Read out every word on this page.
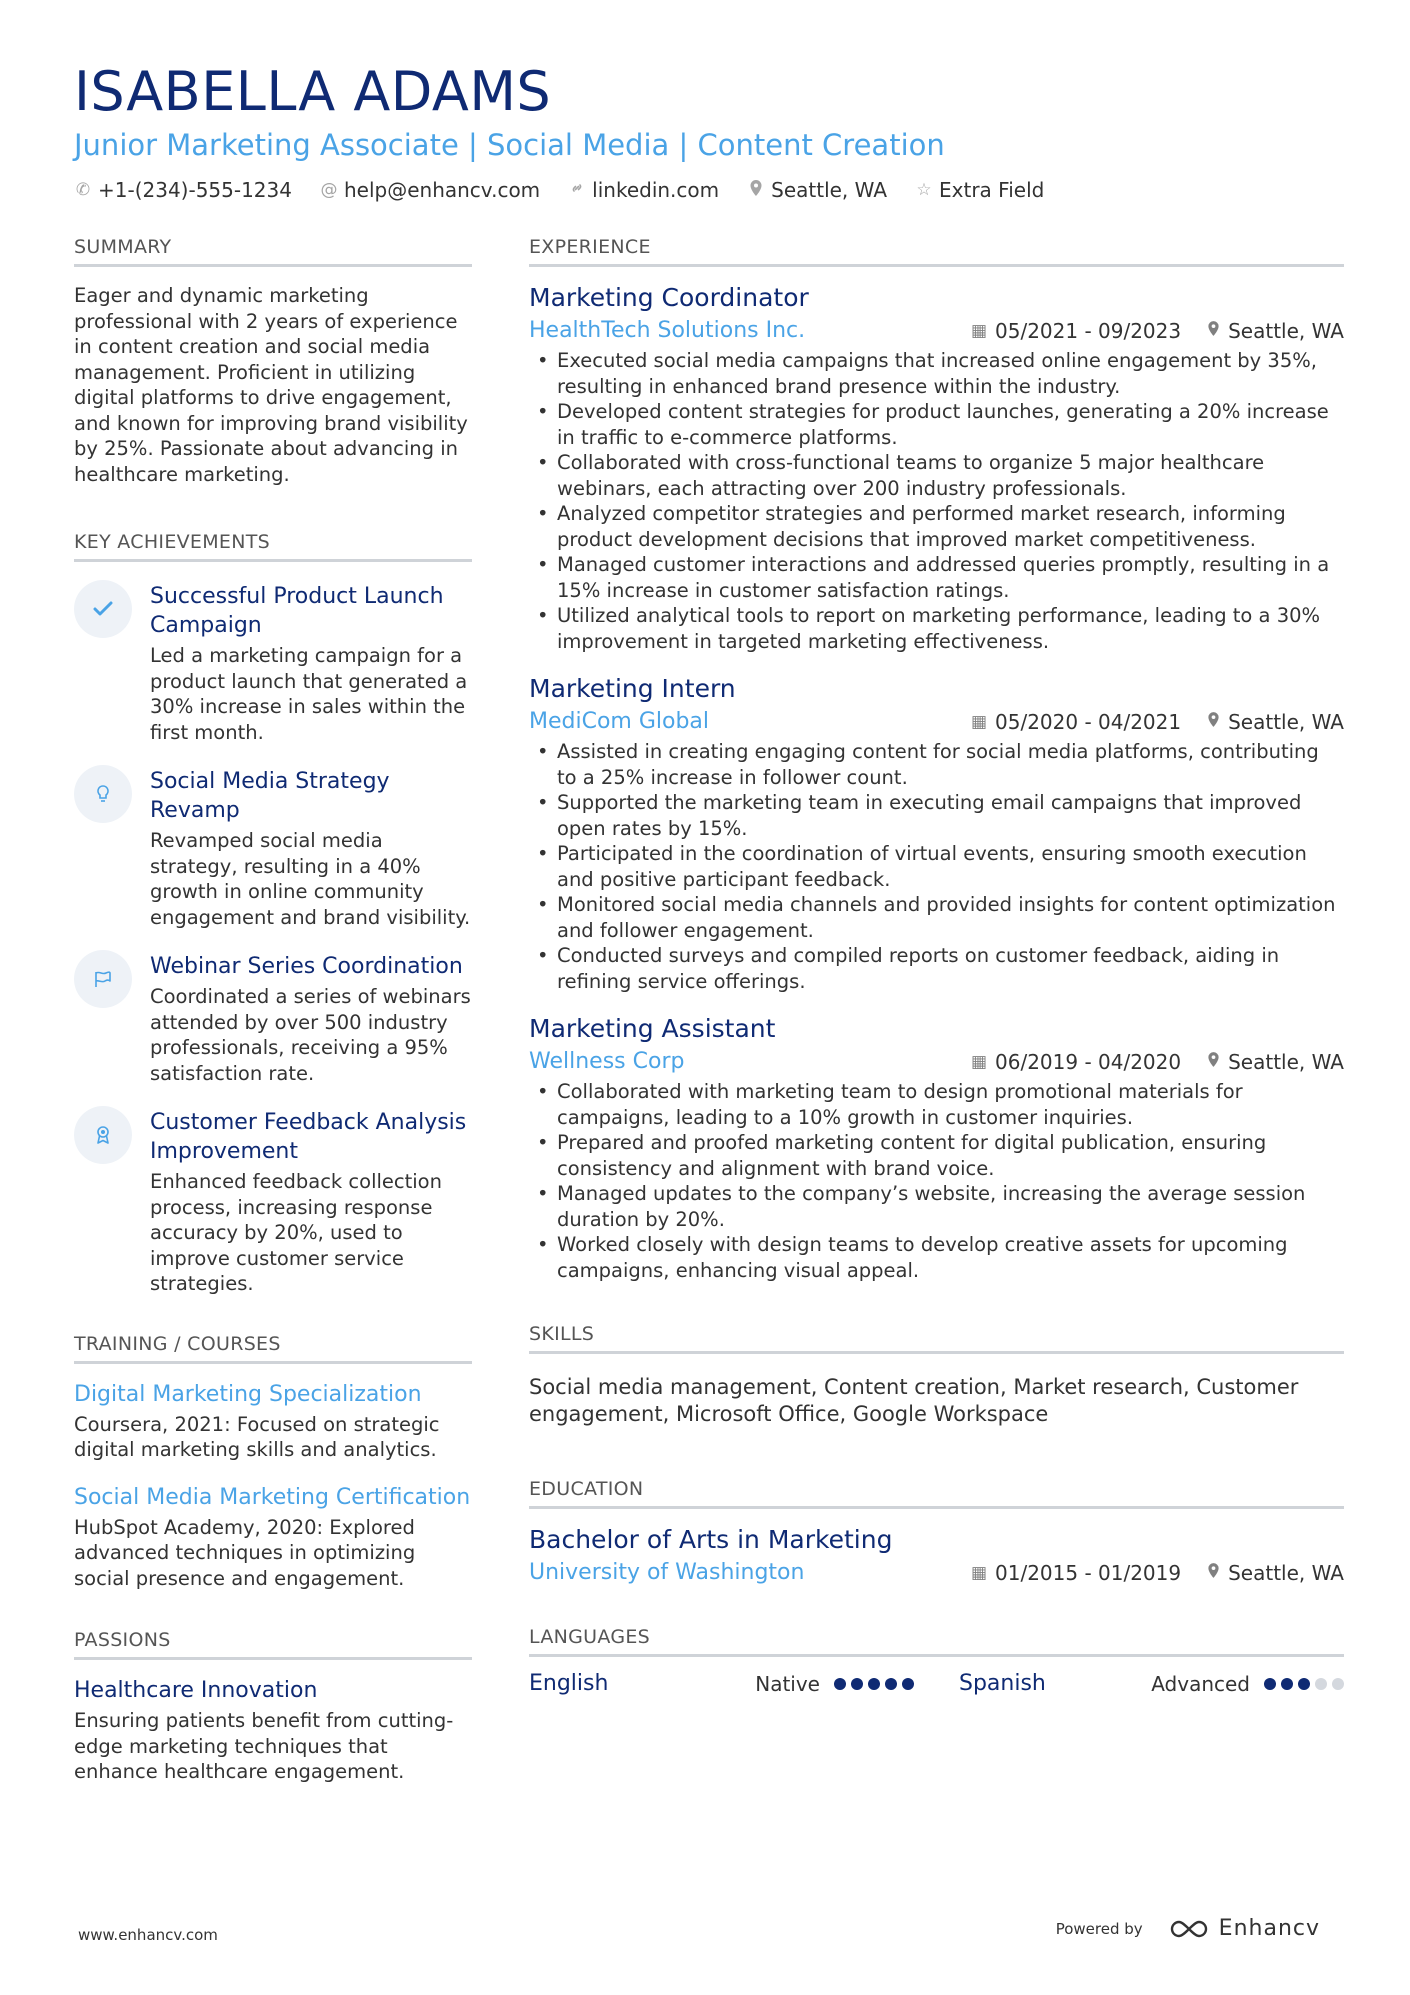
ISABELLA ADAMS
Junior Marketing Associate | Social Media | Content Creation
✆ +1-(234)-555-1234 @ help@enhancv.com	linkedin.com	Seattle, WA ☆ Extra Field
SUMMARY
Eager and dynamic marketing professional with 2 years of experience in content creation and social media management. Proficient in utilizing digital platforms to drive engagement, and known for improving brand visibility by 25%. Passionate about advancing in healthcare marketing.
KEY ACHIEVEMENTS
Successful Product Launch Campaign
Led a marketing campaign for a product launch that generated a 30% increase in sales within the first month.
Social Media Strategy Revamp
Revamped social media strategy, resulting in a 40% growth in online community engagement and brand visibility.
Webinar Series Coordination
Coordinated a series of webinars attended by over 500 industry professionals, receiving a 95% satisfaction rate.
Customer Feedback Analysis Improvement
Enhanced feedback collection process, increasing response accuracy by 20%, used to improve customer service strategies.
TRAINING / COURSES
Digital Marketing Specialization
Coursera, 2021: Focused on strategic digital marketing skills and analytics.
Social Media Marketing Certification
HubSpot Academy, 2020: Explored advanced techniques in optimizing social presence and engagement.
PASSIONS
Healthcare Innovation
Ensuring patients benefit from cutting-edge marketing techniques that enhance healthcare engagement.
EXPERIENCE
Marketing Coordinator
HealthTech Solutions Inc.	▦ 05/2021 - 09/2023 Seattle, WA
• Executed social media campaigns that increased online engagement by 35%, resulting in enhanced brand presence within the industry.
• Developed content strategies for product launches, generating a 20% increase in traffic to e-commerce platforms.
• Collaborated with cross-functional teams to organize 5 major healthcare webinars, each attracting over 200 industry professionals.
• Analyzed competitor strategies and performed market research, informing product development decisions that improved market competitiveness.
• Managed customer interactions and addressed queries promptly, resulting in a 15% increase in customer satisfaction ratings.
• Utilized analytical tools to report on marketing performance, leading to a 30% improvement in targeted marketing effectiveness.
Marketing Intern
MediCom Global	▦ 05/2020 - 04/2021 Seattle, WA
• Assisted in creating engaging content for social media platforms, contributing to a 25% increase in follower count.
• Supported the marketing team in executing email campaigns that improved open rates by 15%.
• Participated in the coordination of virtual events, ensuring smooth execution and positive participant feedback.
• Monitored social media channels and provided insights for content optimization and follower engagement.
• Conducted surveys and compiled reports on customer feedback, aiding in refining service offerings.
Marketing Assistant
Wellness Corp	▦ 06/2019 - 04/2020 Seattle, WA
• Collaborated with marketing team to design promotional materials for campaigns, leading to a 10% growth in customer inquiries.
• Prepared and proofed marketing content for digital publication, ensuring consistency and alignment with brand voice.
• Managed updates to the company’s website, increasing the average session duration by 20%.
• Worked closely with design teams to develop creative assets for upcoming campaigns, enhancing visual appeal.
SKILLS
Social media management, Content creation, Market research, Customer engagement, Microsoft Office, Google Workspace
EDUCATION
Bachelor of Arts in Marketing
University of Washington	▦ 01/2015 - 01/2019 Seattle, WA
LANGUAGES
English	Native	Spanish	Advanced
www.enhancv.com	Powered by	Enhancv
